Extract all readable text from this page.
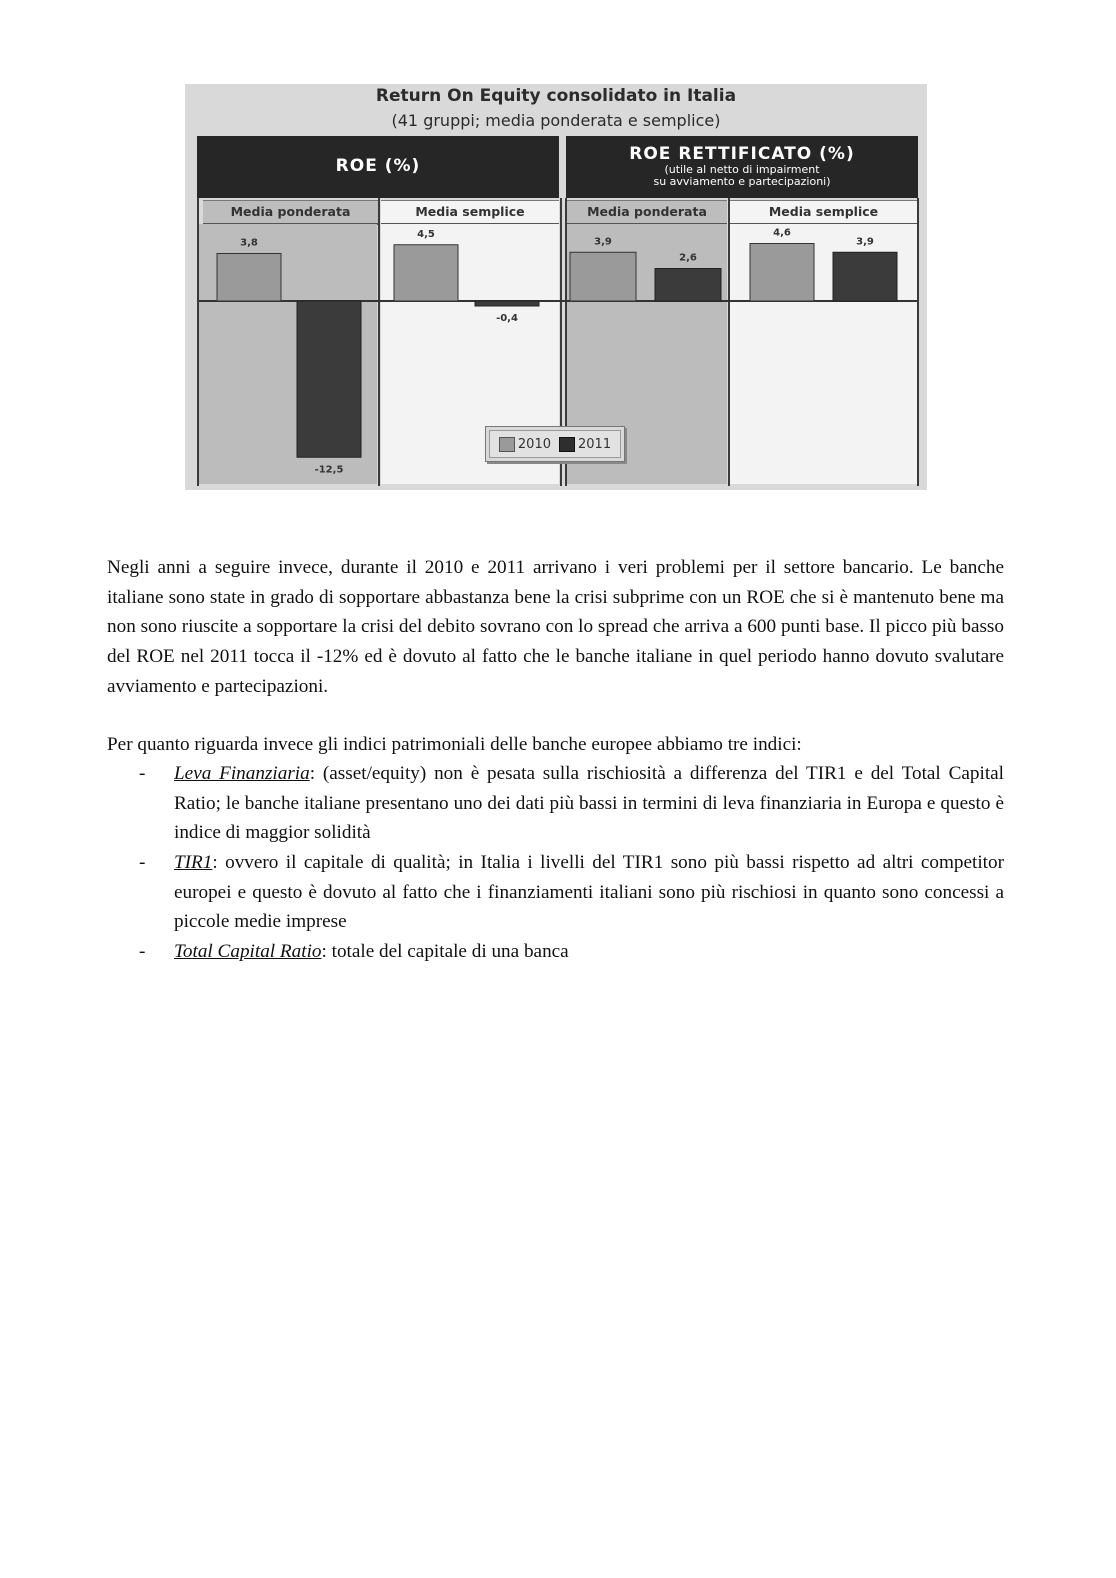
Return On Equity consolidato in Italia
(41 gruppi; media ponderata e semplice)
ROE (%)
ROE RETTIFICATO (%)
(utile al netto di impairment
su avviamento e partecipazioni)
Media ponderata	Media semplice	Media ponderata	Media semplice
3,8
4,5
3,9
4,6
-12,5
-0,4
2,6
3,9
2010	2011

Negli anni a seguire invece, durante il 2010 e 2011 arrivano i veri problemi per il settore bancario. Le banche italiane sono state in grado di sopportare abbastanza bene la crisi subprime con un ROE che si è mantenuto bene ma non sono riuscite a sopportare la crisi del debito sovrano con lo spread che arriva a 600 punti base. Il picco più basso del ROE nel 2011 tocca il -12% ed è dovuto al fatto che le banche italiane in quel periodo hanno dovuto svalutare avviamento e partecipazioni.

Per quanto riguarda invece gli indici patrimoniali delle banche europee abbiamo tre indici:

- Leva Finanziaria: (asset/equity) non è pesata sulla rischiosità a differenza del TIR1 e del Total Capital Ratio; le banche italiane presentano uno dei dati più bassi in termini di leva finanziaria in Europa e questo è indice di maggior solidità

- TIR1: ovvero il capitale di qualità; in Italia i livelli del TIR1 sono più bassi rispetto ad altri competitor europei e questo è dovuto al fatto che i finanziamenti italiani sono più rischiosi in quanto sono concessi a piccole medie imprese

- Total Capital Ratio: totale del capitale di una banca
